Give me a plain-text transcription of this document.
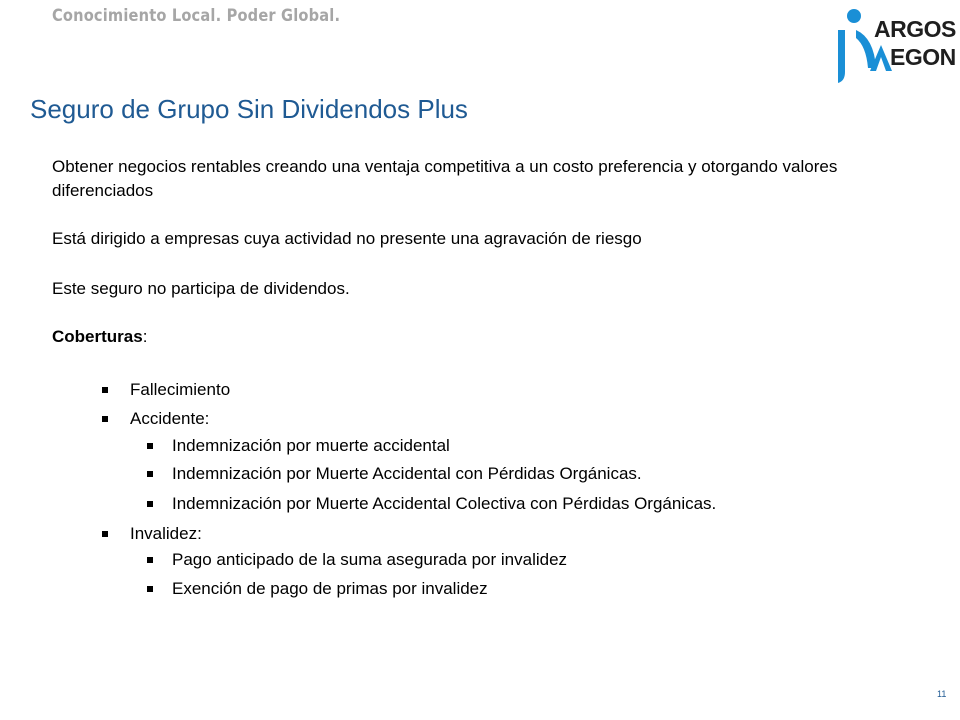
Conocimiento Local. Poder Global.	ARGOS
EGON
Seguro de Grupo Sin Dividendos Plus
Obtener negocios rentables creando una ventaja competitiva a un costo preferencia y otorgando valores diferenciados
Está dirigido a empresas cuya actividad no presente una agravación de riesgo
Este seguro no participa de dividendos.
Coberturas:
Fallecimiento
Accidente:
Indemnización por muerte accidental
Indemnización por Muerte Accidental con Pérdidas Orgánicas.
Indemnización por Muerte Accidental Colectiva con Pérdidas Orgánicas.
Invalidez:
Pago anticipado de la suma asegurada por invalidez
Exención de pago de primas por invalidez
11
